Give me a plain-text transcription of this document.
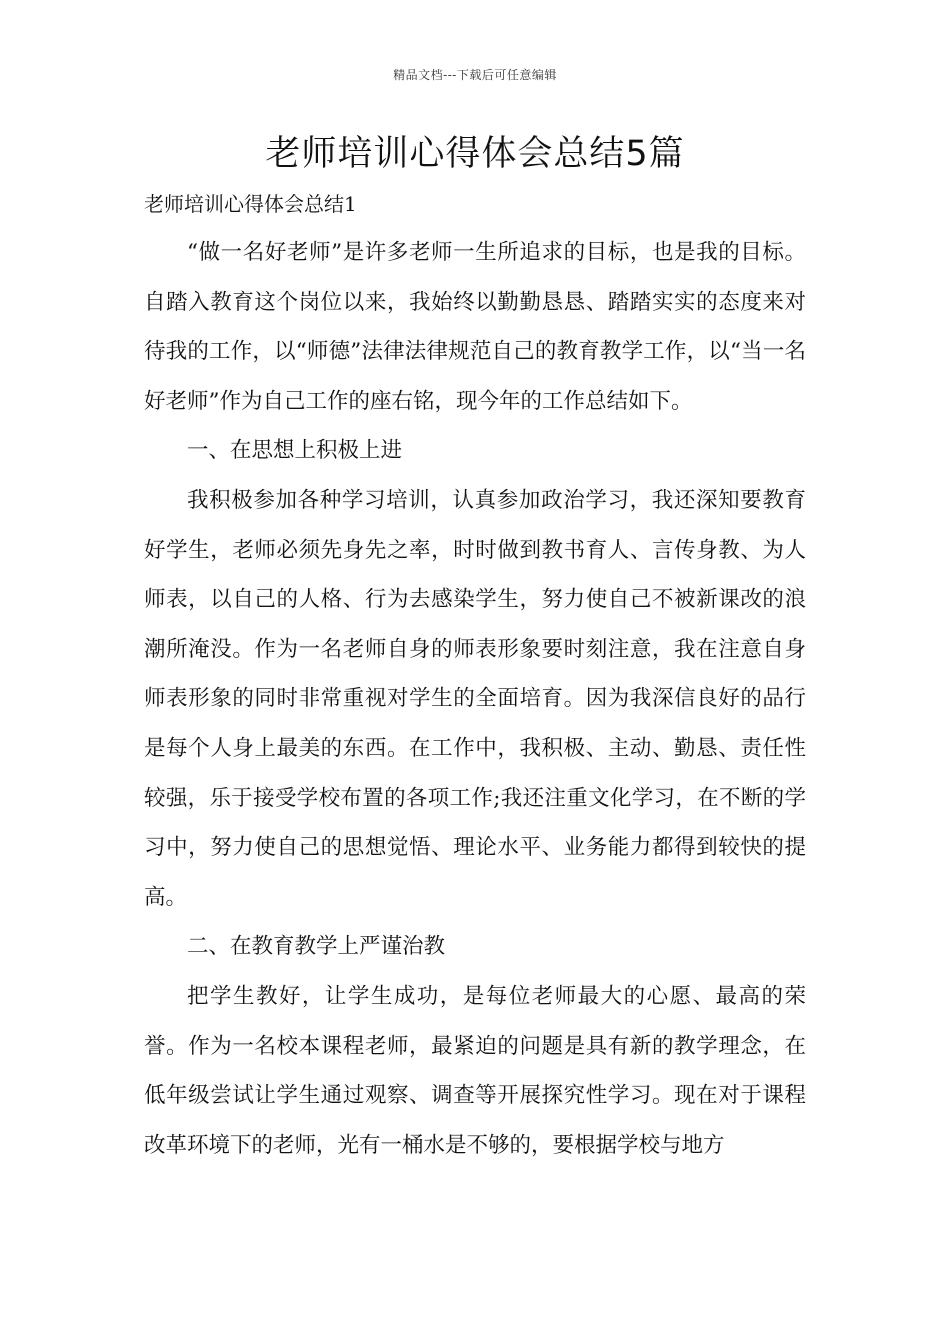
精品文档---下载后可任意编辑
老师培训心得体会总结5篇
老师培训心得体会总结1

“做一名好老师”是许多老师一生所追求的目标，也是我的目标。自踏入教育这个岗位以来，我始终以勤勤恳恳、踏踏实实的态度来对待我的工作，以“师德”法律法律规范自己的教育教学工作，以“当一名好老师”作为自己工作的座右铭，现今年的工作总结如下。

一、在思想上积极上进

我积极参加各种学习培训，认真参加政治学习，我还深知要教育好学生，老师必须先身先之率，时时做到教书育人、言传身教、为人师表，以自己的人格、行为去感染学生，努力使自己不被新课改的浪潮所淹没。作为一名老师自身的师表形象要时刻注意，我在注意自身师表形象的同时非常重视对学生的全面培育。因为我深信良好的品行是每个人身上最美的东西。在工作中，我积极、主动、勤恳、责任性较强，乐于接受学校布置的各项工作;我还注重文化学习，在不断的学习中，努力使自己的思想觉悟、理论水平、业务能力都得到较快的提高。

二、在教育教学上严谨治教

把学生教好，让学生成功，是每位老师最大的心愿、最高的荣誉。作为一名校本课程老师，最紧迫的问题是具有新的教学理念，在低年级尝试让学生通过观察、调查等开展探究性学习。现在对于课程改革环境下的老师，光有一桶水是不够的，要根据学校与地方
